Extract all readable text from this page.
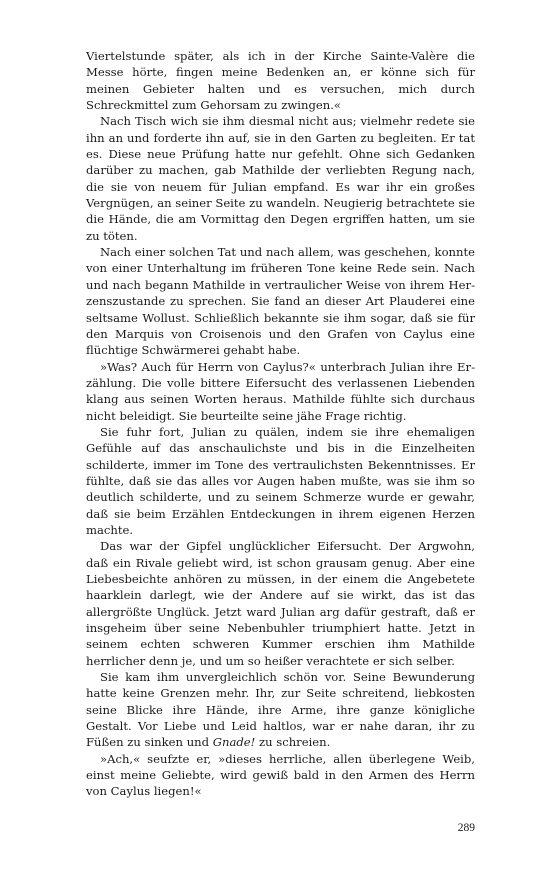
Viertelstunde später, als ich in der Kirche Sainte-Valère die Messe hörte, fingen meine Bedenken an, er könne sich für meinen Gebieter halten und es versuchen, mich durch Schreckmittel zum Gehorsam zu zwingen.«

Nach Tisch wich sie ihm diesmal nicht aus; vielmehr redete sie ihn an und forderte ihn auf, sie in den Garten zu begleiten. Er tat es. Diese neue Prüfung hatte nur gefehlt. Ohne sich Gedanken darüber zu machen, gab Mathilde der verliebten Regung nach, die sie von neuem für Julian empfand. Es war ihr ein großes Vergnügen, an seiner Seite zu wandeln. Neugierig betrachtete sie die Hände, die am Vormittag den Degen ergriffen hatten, um sie zu töten.

Nach einer solchen Tat und nach allem, was geschehen, konnte von einer Unterhaltung im früheren Tone keine Rede sein. Nach und nach begann Mathilde in vertraulicher Weise von ihrem Herzenszustande zu sprechen. Sie fand an dieser Art Plauderei eine seltsame Wollust. Schließlich bekannte sie ihm sogar, daß sie für den Marquis von Croisenois und den Grafen von Caylus eine flüchtige Schwärmerei gehabt habe.

»Was? Auch für Herrn von Caylus?« unterbrach Julian ihre Erzählung. Die volle bittere Eifersucht des verlassenen Liebenden klang aus seinen Worten heraus. Mathilde fühlte sich durchaus nicht beleidigt. Sie beurteilte seine jähe Frage richtig.

Sie fuhr fort, Julian zu quälen, indem sie ihre ehemaligen Gefühle auf das anschaulichste und bis in die Einzelheiten schilderte, immer im Tone des vertraulichsten Bekenntnisses. Er fühlte, daß sie das alles vor Augen haben mußte, was sie ihm so deutlich schilderte, und zu seinem Schmerze wurde er gewahr, daß sie beim Erzählen Entdeckungen in ihrem eigenen Herzen machte.

Das war der Gipfel unglücklicher Eifersucht. Der Argwohn, daß ein Rivale geliebt wird, ist schon grausam genug. Aber eine Liebesbeichte anhören zu müssen, in der einem die Angebetete haarklein darlegt, wie der Andere auf sie wirkt, das ist das allergrößte Unglück. Jetzt ward Julian arg dafür gestraft, daß er insgeheim über seine Nebenbuhler triumphiert hatte. Jetzt in seinem echten schweren Kummer erschien ihm Mathilde herrlicher denn je, und um so heißer verachtete er sich selber.

Sie kam ihm unvergleichlich schön vor. Seine Bewunderung hatte keine Grenzen mehr. Ihr, zur Seite schreitend, liebkosten seine Blicke ihre Hände, ihre Arme, ihre ganze königliche Gestalt. Vor Liebe und Leid haltlos, war er nahe daran, ihr zu Füßen zu sinken und Gnade! zu schreien.

»Ach,« seufzte er, »dieses herrliche, allen überlegene Weib, einst meine Geliebte, wird gewiß bald in den Armen des Herrn von Caylus liegen!«

289
